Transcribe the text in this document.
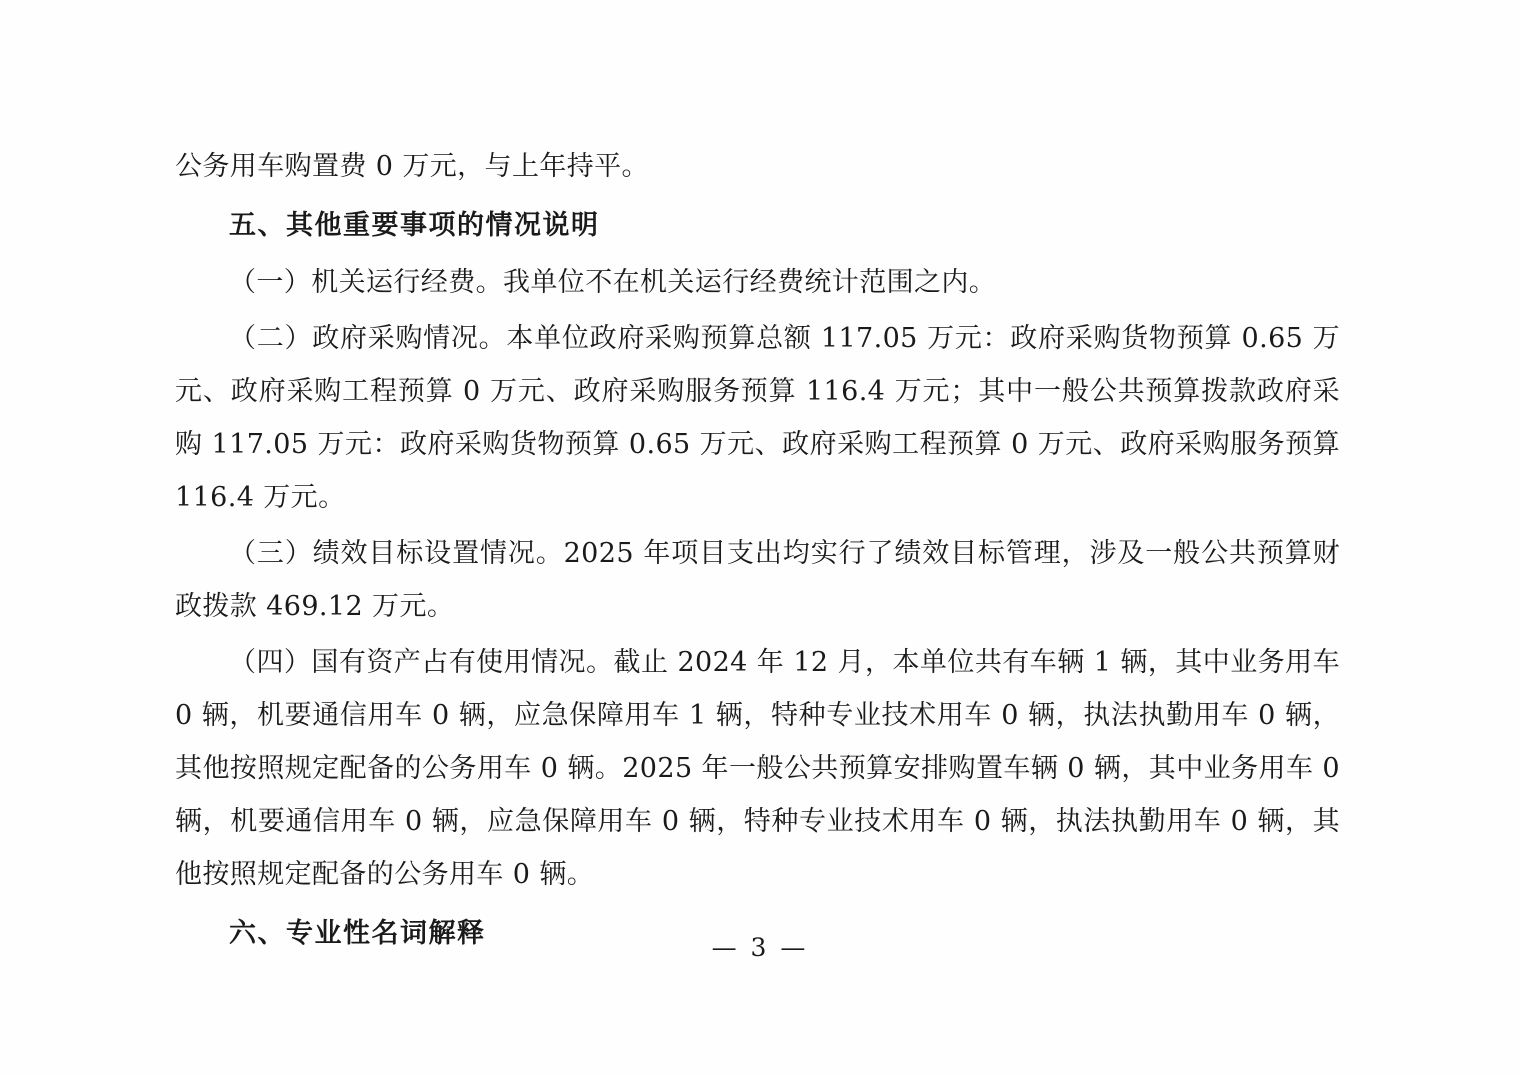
公务用车购置费 0 万元，与上年持平。

五、其他重要事项的情况说明

（一）机关运行经费。我单位不在机关运行经费统计范围之内。

（二）政府采购情况。本单位政府采购预算总额 117.05 万元：政府采购货物预算 0.65 万元、政府采购工程预算 0 万元、政府采购服务预算 116.4 万元；其中一般公共预算拨款政府采购 117.05 万元：政府采购货物预算 0.65 万元、政府采购工程预算 0 万元、政府采购服务预算 116.4 万元。

（三）绩效目标设置情况。2025 年项目支出均实行了绩效目标管理，涉及一般公共预算财政拨款 469.12 万元。

（四）国有资产占有使用情况。截止 2024 年 12 月，本单位共有车辆 1 辆，其中业务用车 0 辆，机要通信用车 0 辆，应急保障用车 1 辆，特种专业技术用车 0 辆，执法执勤用车 0 辆，其他按照规定配备的公务用车 0 辆。2025 年一般公共预算安排购置车辆 0 辆，其中业务用车 0 辆，机要通信用车 0 辆，应急保障用车 0 辆，特种专业技术用车 0 辆，执法执勤用车 0 辆，其他按照规定配备的公务用车 0 辆。

六、专业性名词解释	— 3 —
